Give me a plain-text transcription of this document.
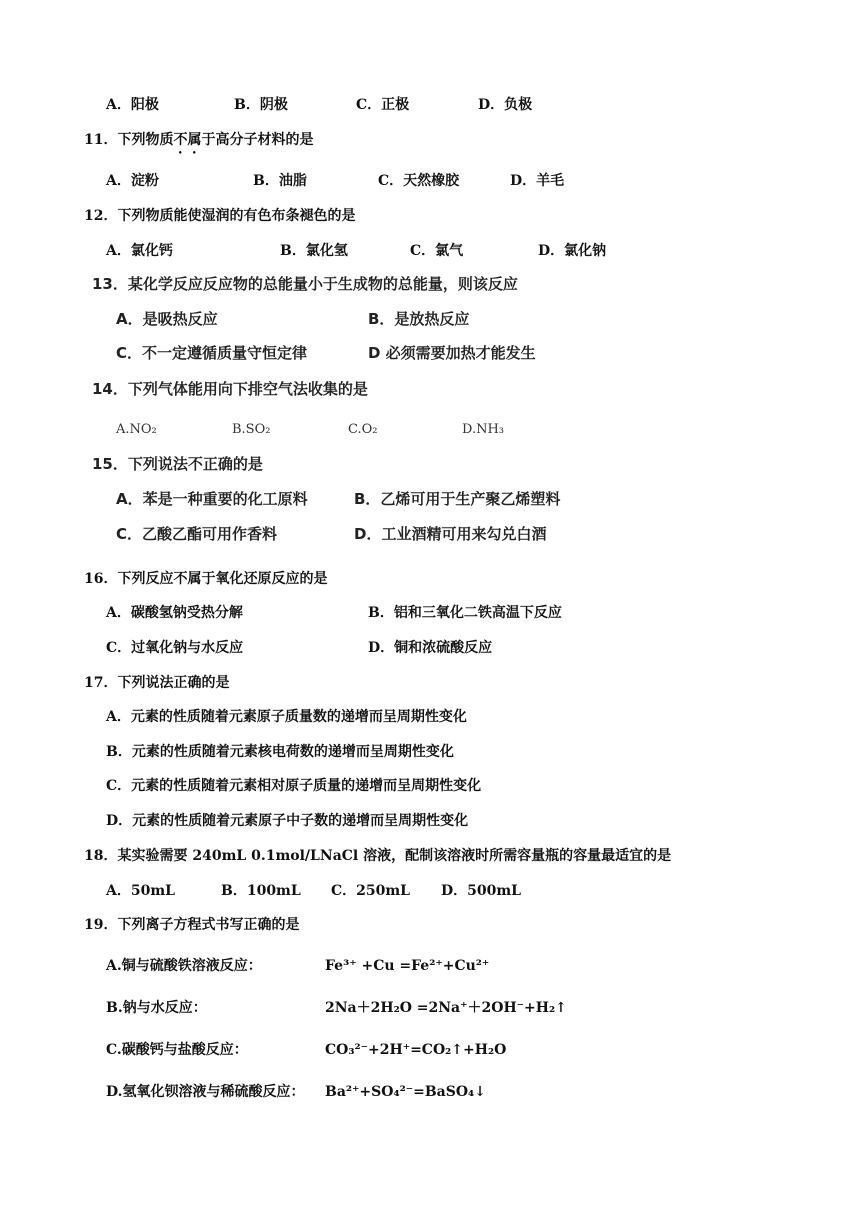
A．阳极	B．阴极	C．正极	D．负极
11．下列物质不属于高分子材料的是
A．淀粉	B．油脂	C．天然橡胶	D．羊毛
12．下列物质能使湿润的有色布条褪色的是
A．氯化钙	B．氯化氢	C．氯气	D．氯化钠
13．某化学反应反应物的总能量小于生成物的总能量，则该反应
A．是吸热反应	B．是放热反应
C．不一定遵循质量守恒定律	D 必须需要加热才能发生
14．下列气体能用向下排空气法收集的是
A.NO₂	B.SO₂	C.O₂	D.NH₃
15．下列说法不正确的是
A．苯是一种重要的化工原料	B．乙烯可用于生产聚乙烯塑料
C．乙酸乙酯可用作香料	D．工业酒精可用来勾兑白酒
16．下列反应不属于氧化还原反应的是
A．碳酸氢钠受热分解	B．铝和三氧化二铁高温下反应
C．过氧化钠与水反应	D．铜和浓硫酸反应
17．下列说法正确的是
A．元素的性质随着元素原子质量数的递增而呈周期性变化
B．元素的性质随着元素核电荷数的递增而呈周期性变化
C．元素的性质随着元素相对原子质量的递增而呈周期性变化
D．元素的性质随着元素原子中子数的递增而呈周期性变化
18．某实验需要 240mL 0.1mol/LNaCl 溶液，配制该溶液时所需容量瓶的容量最适宜的是
A．50mL	B．100mL C．250mL D．500mL
19．下列离子方程式书写正确的是
A.铜与硫酸铁溶液反应：	Fe³⁺ +Cu =Fe²⁺+Cu²⁺
B.钠与水反应：	2Na＋2H₂O =2Na⁺＋2OH⁻+H₂↑
C.碳酸钙与盐酸反应：	CO₃²⁻+2H⁺=CO₂↑+H₂O
D.氢氧化钡溶液与稀硫酸反应： Ba²⁺+SO₄²⁻=BaSO₄↓
